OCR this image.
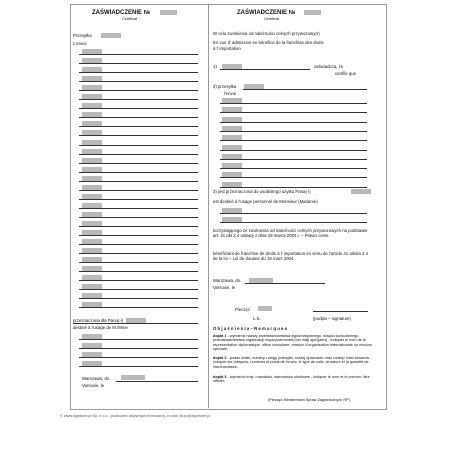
ZAŚWIADCZENIE №
Certificat
Przesyłka
L'envoi
przeznaczona dla Pana(-i)
destiné à l'usage de M./Mme
Warszawa, dn.
Varsovie, le
ZAŚWIADCZENIE №
Certificat
W celu zwolnienia od należności celnych przywozowych
En vue d' admission en bénéfice de la franchise des droits
à l' importation
1)	zaświadcza, że
certifie que
2) przesyłka
l'envoi
3) jest przeznaczona do osobistego użytku Pana(-i)
est destiné à l'usage personnel de Monsieur (Madame)
korzystającego ze zwolnienia od należności celnych przywozowych na podstawie art. 41 pkt 2.4 ustawy z dnia 19 marca 2004 r. – Prawo celne.
bénéficiant de franchise de droits à l' importation en vertu de l'article 41 alinéa 2.4 de la loi – Loi de douane du 19 mars 2004.
Warszawa, dn.
Varsovie, le
Pieczęć
L.S.	(podpis – signature)
O b j a ś n i e n i a – R e m a r q u e s
dopkt 1 - wymienić nazwę przedstawicielstwa dyplomatycznego, urzędu konsularnego, przedstawicielstwa organizacji międzynarodowej lub misji specjalnej - indiquer le nom de la représentation diplomatique, office consulaire, mission d'organisation internationale ou mission spéciale;
dopkt 2 - podać znaki, numery i wagę przesyłki, rodzaj opakowań oraz rodzaj i ilość towarów, - indiquer les marques, numéros et poids de l'envoi, le type de colis, la nature et la quantité de marchandises;
dopkt 3 - wymienić imię i nazwisko, stanowisko służbowe - indiquer le nom et le prénom, titre officiel;
(Pieczęć Ministerstwa Spraw Zagranicznych RP)
© www.signform.pl Sp. z o.o., producent aktywnych formularzy, e-mail: biuro@signform.pl
